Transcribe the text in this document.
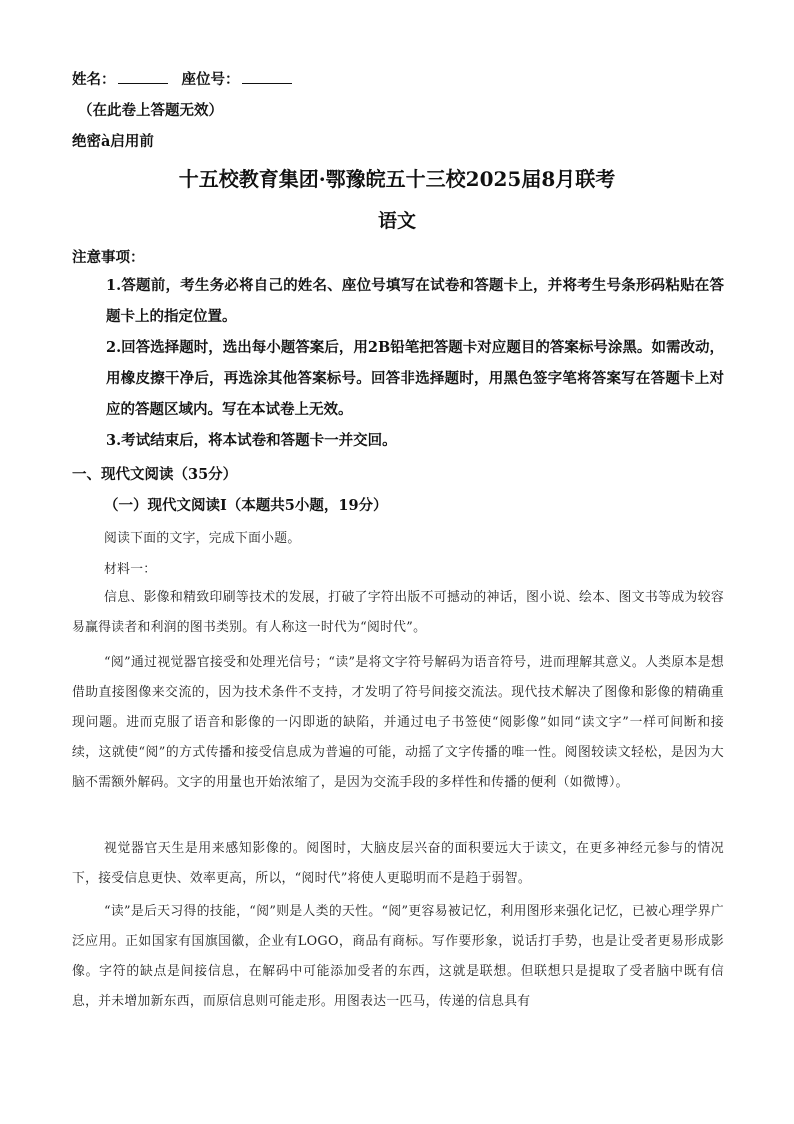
姓名：	座位号：
（在此卷上答题无效）
绝密à启用前
十五校教育集团·鄂豫皖五十三校2025届8月联考
语文
注意事项：
1.答题前，考生务必将自己的姓名、座位号填写在试卷和答题卡上，并将考生号条形码粘贴在答题卡上的指定位置。
2.回答选择题时，选出每小题答案后，用2B铅笔把答题卡对应题目的答案标号涂黑。如需改动，用橡皮擦干净后，再选涂其他答案标号。回答非选择题时，用黑色签字笔将答案写在答题卡上对应的答题区域内。写在本试卷上无效。
3.考试结束后，将本试卷和答题卡一并交回。
一、现代文阅读（35分）
（一）现代文阅读Ⅰ（本题共5小题，19分）
阅读下面的文字，完成下面小题。
材料一：
信息、影像和精致印刷等技术的发展，打破了字符出版不可撼动的神话，图小说、绘本、图文书等成为较容易赢得读者和利润的图书类别。有人称这一时代为“阅时代”。
“阅”通过视觉器官接受和处理光信号；“读”是将文字符号解码为语音符号，进而理解其意义。人类原本是想借助直接图像来交流的，因为技术条件不支持，才发明了符号间接交流法。现代技术解决了图像和影像的精确重现问题。进而克服了语音和影像的一闪即逝的缺陷，并通过电子书签使“阅影像”如同“读文字”一样可间断和接续，这就使“阅”的方式传播和接受信息成为普遍的可能，动摇了文字传播的唯一性。阅图较读文轻松，是因为大脑不需额外解码。文字的用量也开始浓缩了，是因为交流手段的多样性和传播的便利（如微博）。
视觉器官天生是用来感知影像的。阅图时，大脑皮层兴奋的面积要远大于读文，在更多神经元参与的情况下，接受信息更快、效率更高，所以，“阅时代”将使人更聪明而不是趋于弱智。
“读”是后天习得的技能，“阅”则是人类的天性。“阅”更容易被记忆，利用图形来强化记忆，已被心理学界广泛应用。正如国家有国旗国徽，企业有LOGO，商品有商标。写作要形象，说话打手势，也是让受者更易形成影像。字符的缺点是间接信息，在解码中可能添加受者的东西，这就是联想。但联想只是提取了受者脑中既有信息，并未增加新东西，而原信息则可能走形。用图表达一匹马，传递的信息具有
